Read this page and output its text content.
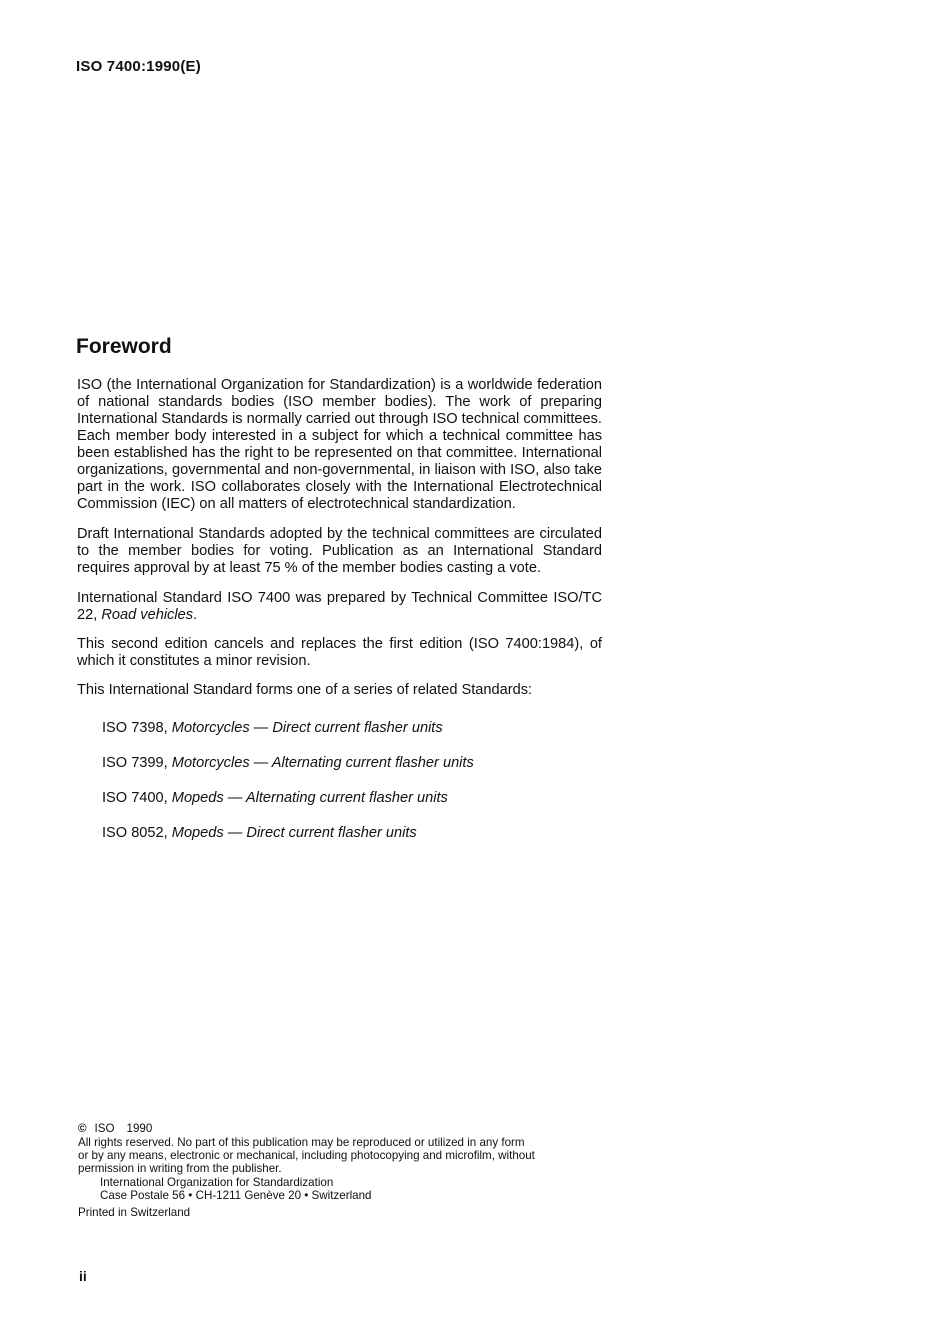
ISO 7400:1990(E)
Foreword

ISO (the International Organization for Standardization) is a worldwide federation of national standards bodies (ISO member bodies). The work of preparing International Standards is normally carried out through ISO technical committees. Each member body interested in a subject for which a technical committee has been established has the right to be represented on that committee. International organizations, governmental and non-governmental, in liaison with ISO, also take part in the work. ISO collaborates closely with the International Electrotechnical Commission (IEC) on all matters of electrotechnical standardization.

Draft International Standards adopted by the technical committees are circulated to the member bodies for voting. Publication as an International Standard requires approval by at least 75 % of the member bodies casting a vote.

International Standard ISO 7400 was prepared by Technical Committee ISO/TC 22, Road vehicles.

This second edition cancels and replaces the first edition (ISO 7400:1984), of which it constitutes a minor revision.

This International Standard forms one of a series of related Standards:

ISO 7398, Motorcycles — Direct current flasher units
ISO 7399, Motorcycles — Alternating current flasher units
ISO 7400, Mopeds — Alternating current flasher units
ISO 8052, Mopeds — Direct current flasher units
© ISO 1990
All rights reserved. No part of this publication may be reproduced or utilized in any form
or by any means, electronic or mechanical, including photocopying and microfilm, without
permission in writing from the publisher.
International Organization for Standardization
Case Postale 56 • CH-1211 Genève 20 • Switzerland
Printed in Switzerland
ii
